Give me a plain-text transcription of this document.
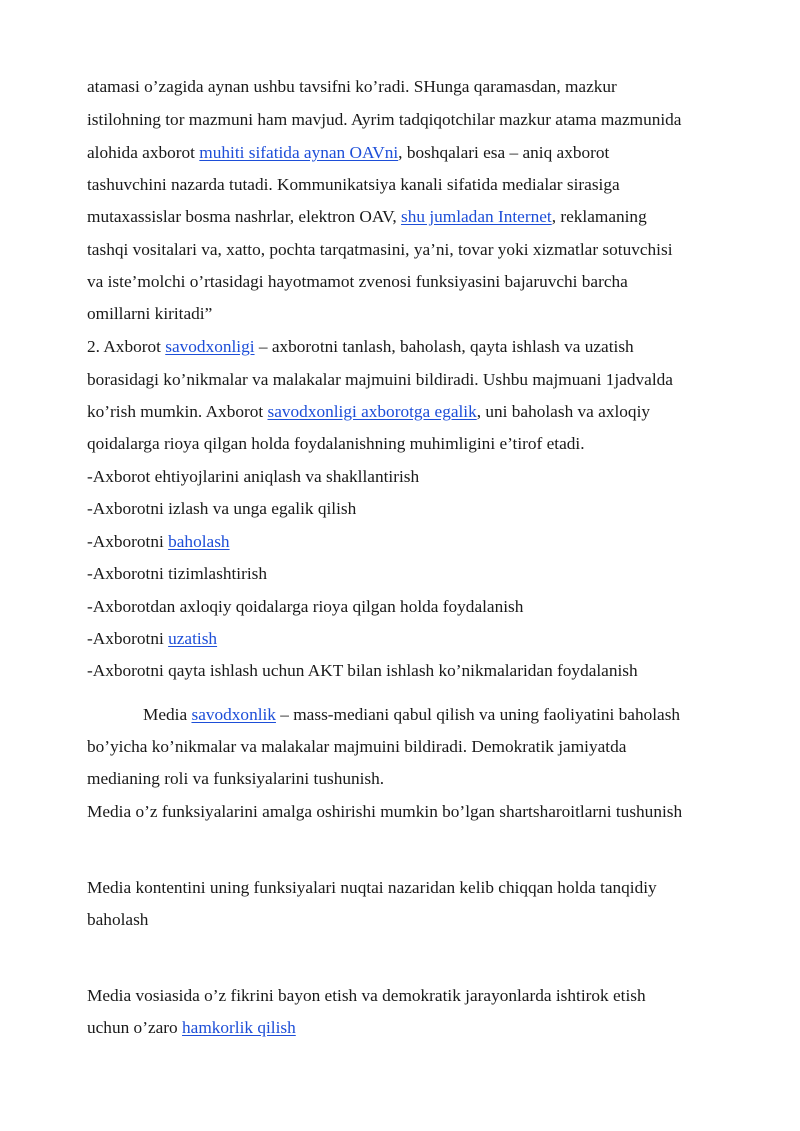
atamasi o’zagida aynan ushbu tavsifni ko’radi. SHunga qaramasdan, mazkur
istilohning tor mazmuni ham mavjud. Ayrim tadqiqotchilar mazkur atama mazmunida
alohida axborot muhiti sifatida aynan OAVni, boshqalari esa – aniq axborot
tashuvchini nazarda tutadi. Kommunikatsiya kanali sifatida medialar sirasiga
mutaxassislar bosma nashrlar, elektron OAV, shu jumladan Internet, reklamaning
tashqi vositalari va, xatto, pochta tarqatmasini, ya’ni, tovar yoki xizmatlar sotuvchisi
va iste’molchi o’rtasidagi hayotmamot zvenosi funksiyasini bajaruvchi barcha
omillarni kiritadi”
2. Axborot savodxonligi – axborotni tanlash, baholash, qayta ishlash va uzatish
borasidagi ko’nikmalar va malakalar majmuini bildiradi. Ushbu majmuani 1jadvalda
ko’rish mumkin. Axborot savodxonligi axborotga egalik, uni baholash va axloqiy
qoidalarga rioya qilgan holda foydalanishning muhimligini e’tirof etadi.
-Axborot ehtiyojlarini aniqlash va shakllantirish
-Axborotni izlash va unga egalik qilish
-Axborotni baholash
-Axborotni tizimlashtirish
-Axborotdan axloqiy qoidalarga rioya qilgan holda foydalanish
-Axborotni uzatish
-Axborotni qayta ishlash uchun AKT bilan ishlash ko’nikmalaridan foydalanish
Media savodxonlik – mass-mediani qabul qilish va uning faoliyatini baholash
bo’yicha ko’nikmalar va malakalar majmuini bildiradi. Demokratik jamiyatda
medianing roli va funksiyalarini tushunish.
Media o’z funksiyalarini amalga oshirishi mumkin bo’lgan shartsharoitlarni tushunish
Media kontentini uning funksiyalari nuqtai nazaridan kelib chiqqan holda tanqidiy
baholash
Media vosiasida o’z fikrini bayon etish va demokratik jarayonlarda ishtirok etish
uchun o’zaro hamkorlik qilish
